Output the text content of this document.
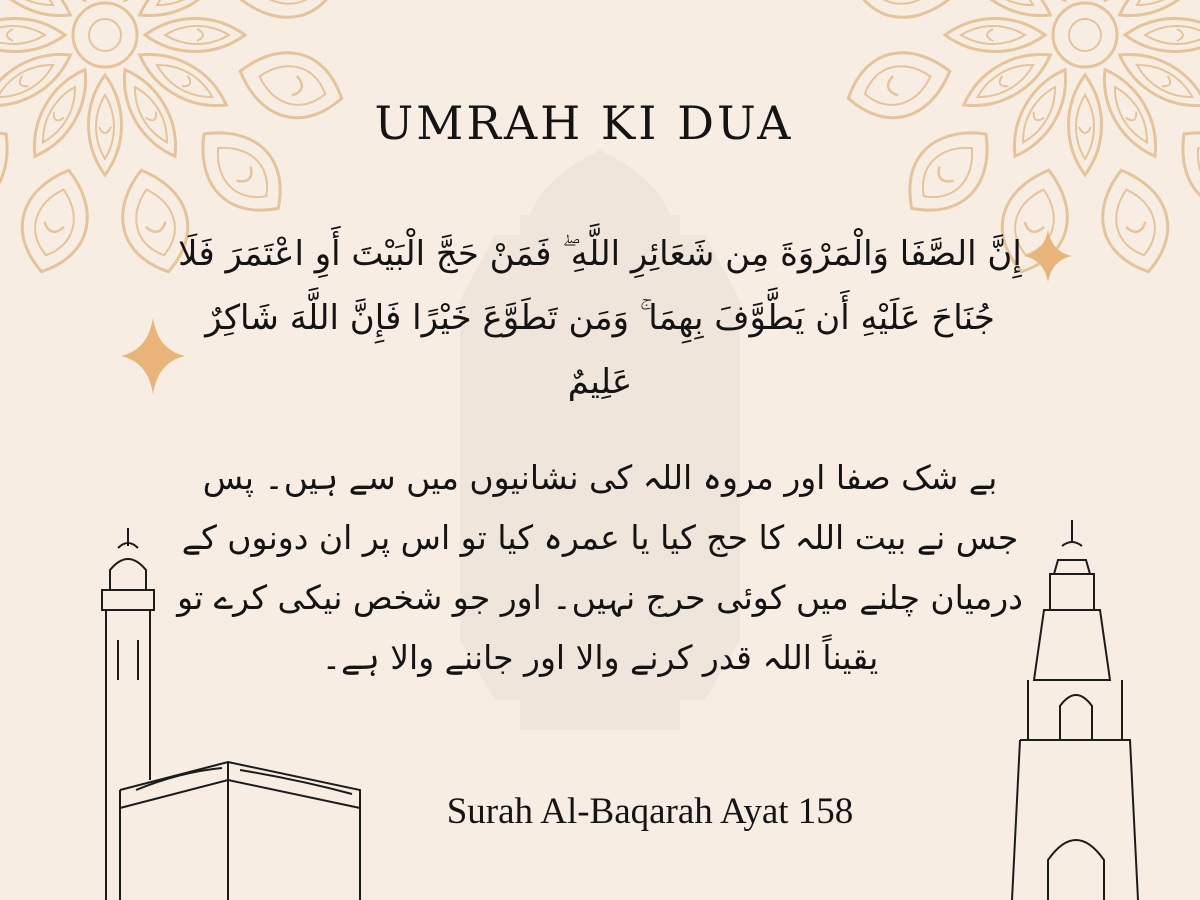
UMRAH KI DUA
إِنَّ الصَّفَا وَالْمَرْوَةَ مِن شَعَائِرِ اللَّهِ ۖ فَمَنْ حَجَّ الْبَيْتَ أَوِ اعْتَمَرَ فَلَا جُنَاحَ عَلَيْهِ أَن يَطَّوَّفَ بِهِمَا ۚ وَمَن تَطَوَّعَ خَيْرًا فَإِنَّ اللَّهَ شَاكِرٌ عَلِيمٌ
بے شک صفا اور مروہ اللہ کی نشانیوں میں سے ہیں۔ پس جس نے بیت اللہ کا حج کیا یا عمرہ کیا تو اس پر ان دونوں کے درمیان چلنے میں کوئی حرج نہیں۔ اور جو شخص نیکی کرے تو یقیناً اللہ قدر کرنے والا اور جاننے والا ہے۔
Surah Al-Baqarah Ayat 158
